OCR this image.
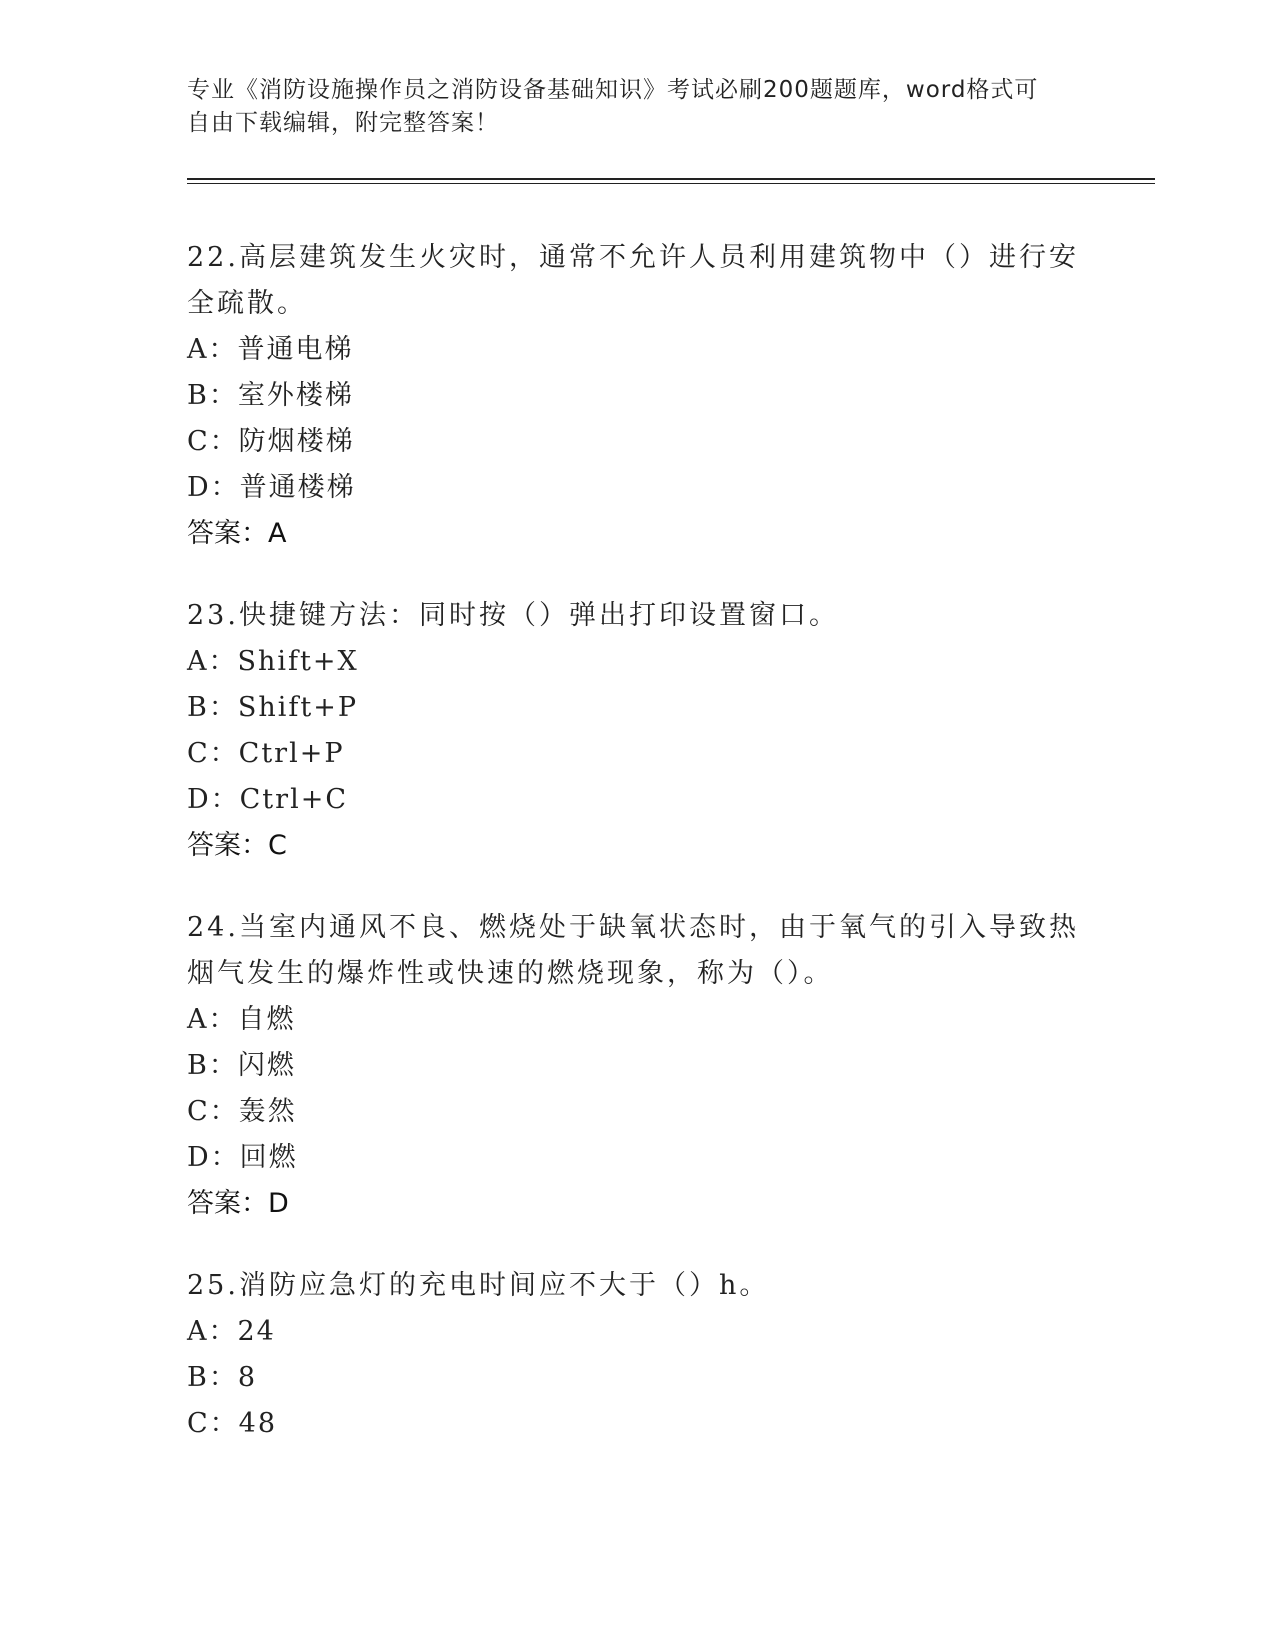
专业《消防设施操作员之消防设备基础知识》考试必刷200题题库，word格式可
自由下载编辑，附完整答案！

22.高层建筑发生火灾时，通常不允许人员利用建筑物中（）进行安全疏散。

A：普通电梯

B：室外楼梯

C：防烟楼梯

D：普通楼梯

答案：A

23.快捷键方法：同时按（）弹出打印设置窗口。

A：Shift+X

B：Shift+P

C：Ctrl+P

D：Ctrl+C

答案：C

24.当室内通风不良、燃烧处于缺氧状态时，由于氧气的引入导致热烟气发生的爆炸性或快速的燃烧现象，称为（）。

A：自燃

B：闪燃

C：轰然

D：回燃

答案：D

25.消防应急灯的充电时间应不大于（）h。

A：24

B：8

C：48
